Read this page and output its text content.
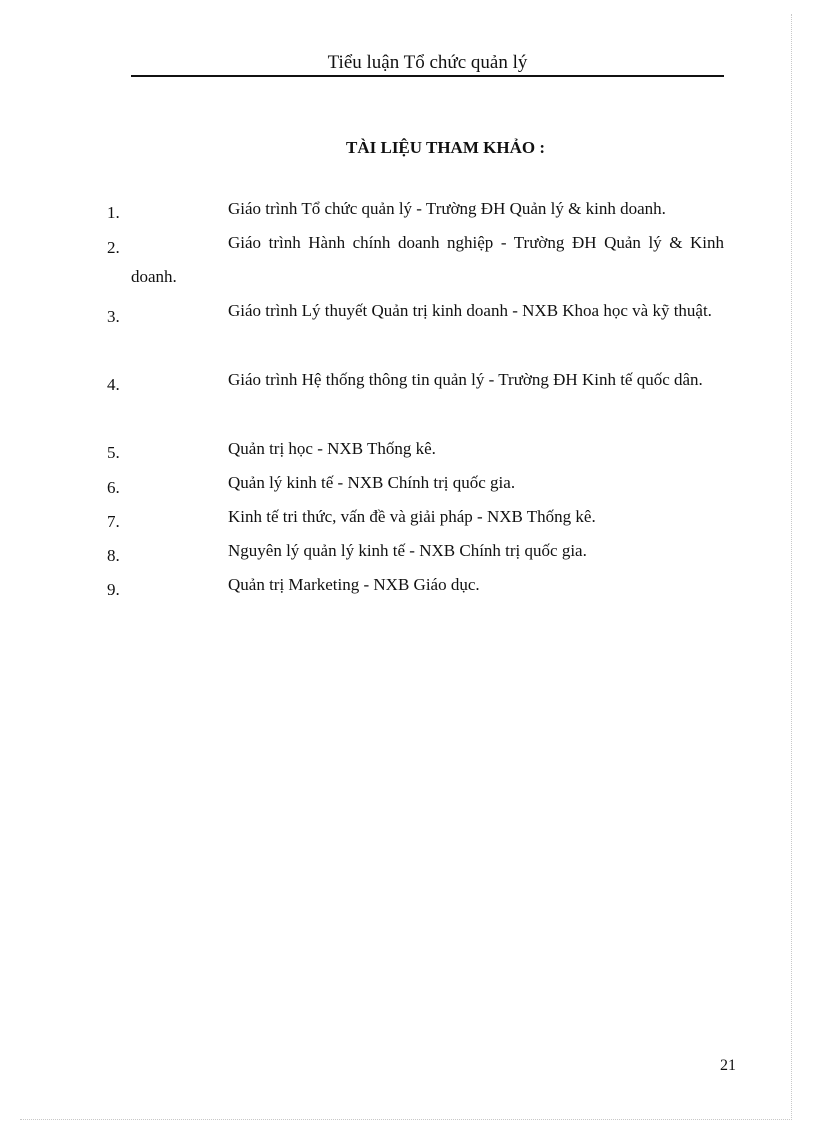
Tiểu luận Tổ chức quản lý
TÀI LIỆU THAM KHẢO :
1.	Giáo trình Tổ chức quản lý - Trường ĐH Quản lý & kinh doanh.
2.	Giáo trình Hành chính doanh nghiệp - Trường ĐH Quản lý & Kinh doanh.
3.	Giáo trình Lý thuyết Quản trị kinh doanh - NXB Khoa học và kỹ thuật.
4.	Giáo trình Hệ thống thông tin quản lý - Trường ĐH Kinh tế quốc dân.
5.	Quản trị học - NXB Thống kê.
6.	Quản lý kinh tế - NXB Chính trị quốc gia.
7.	Kinh tế tri thức, vấn đề và giải pháp - NXB Thống kê.
8.	Nguyên lý quản lý kinh tế - NXB Chính trị quốc gia.
9.	Quản trị Marketing - NXB Giáo dục.
21
